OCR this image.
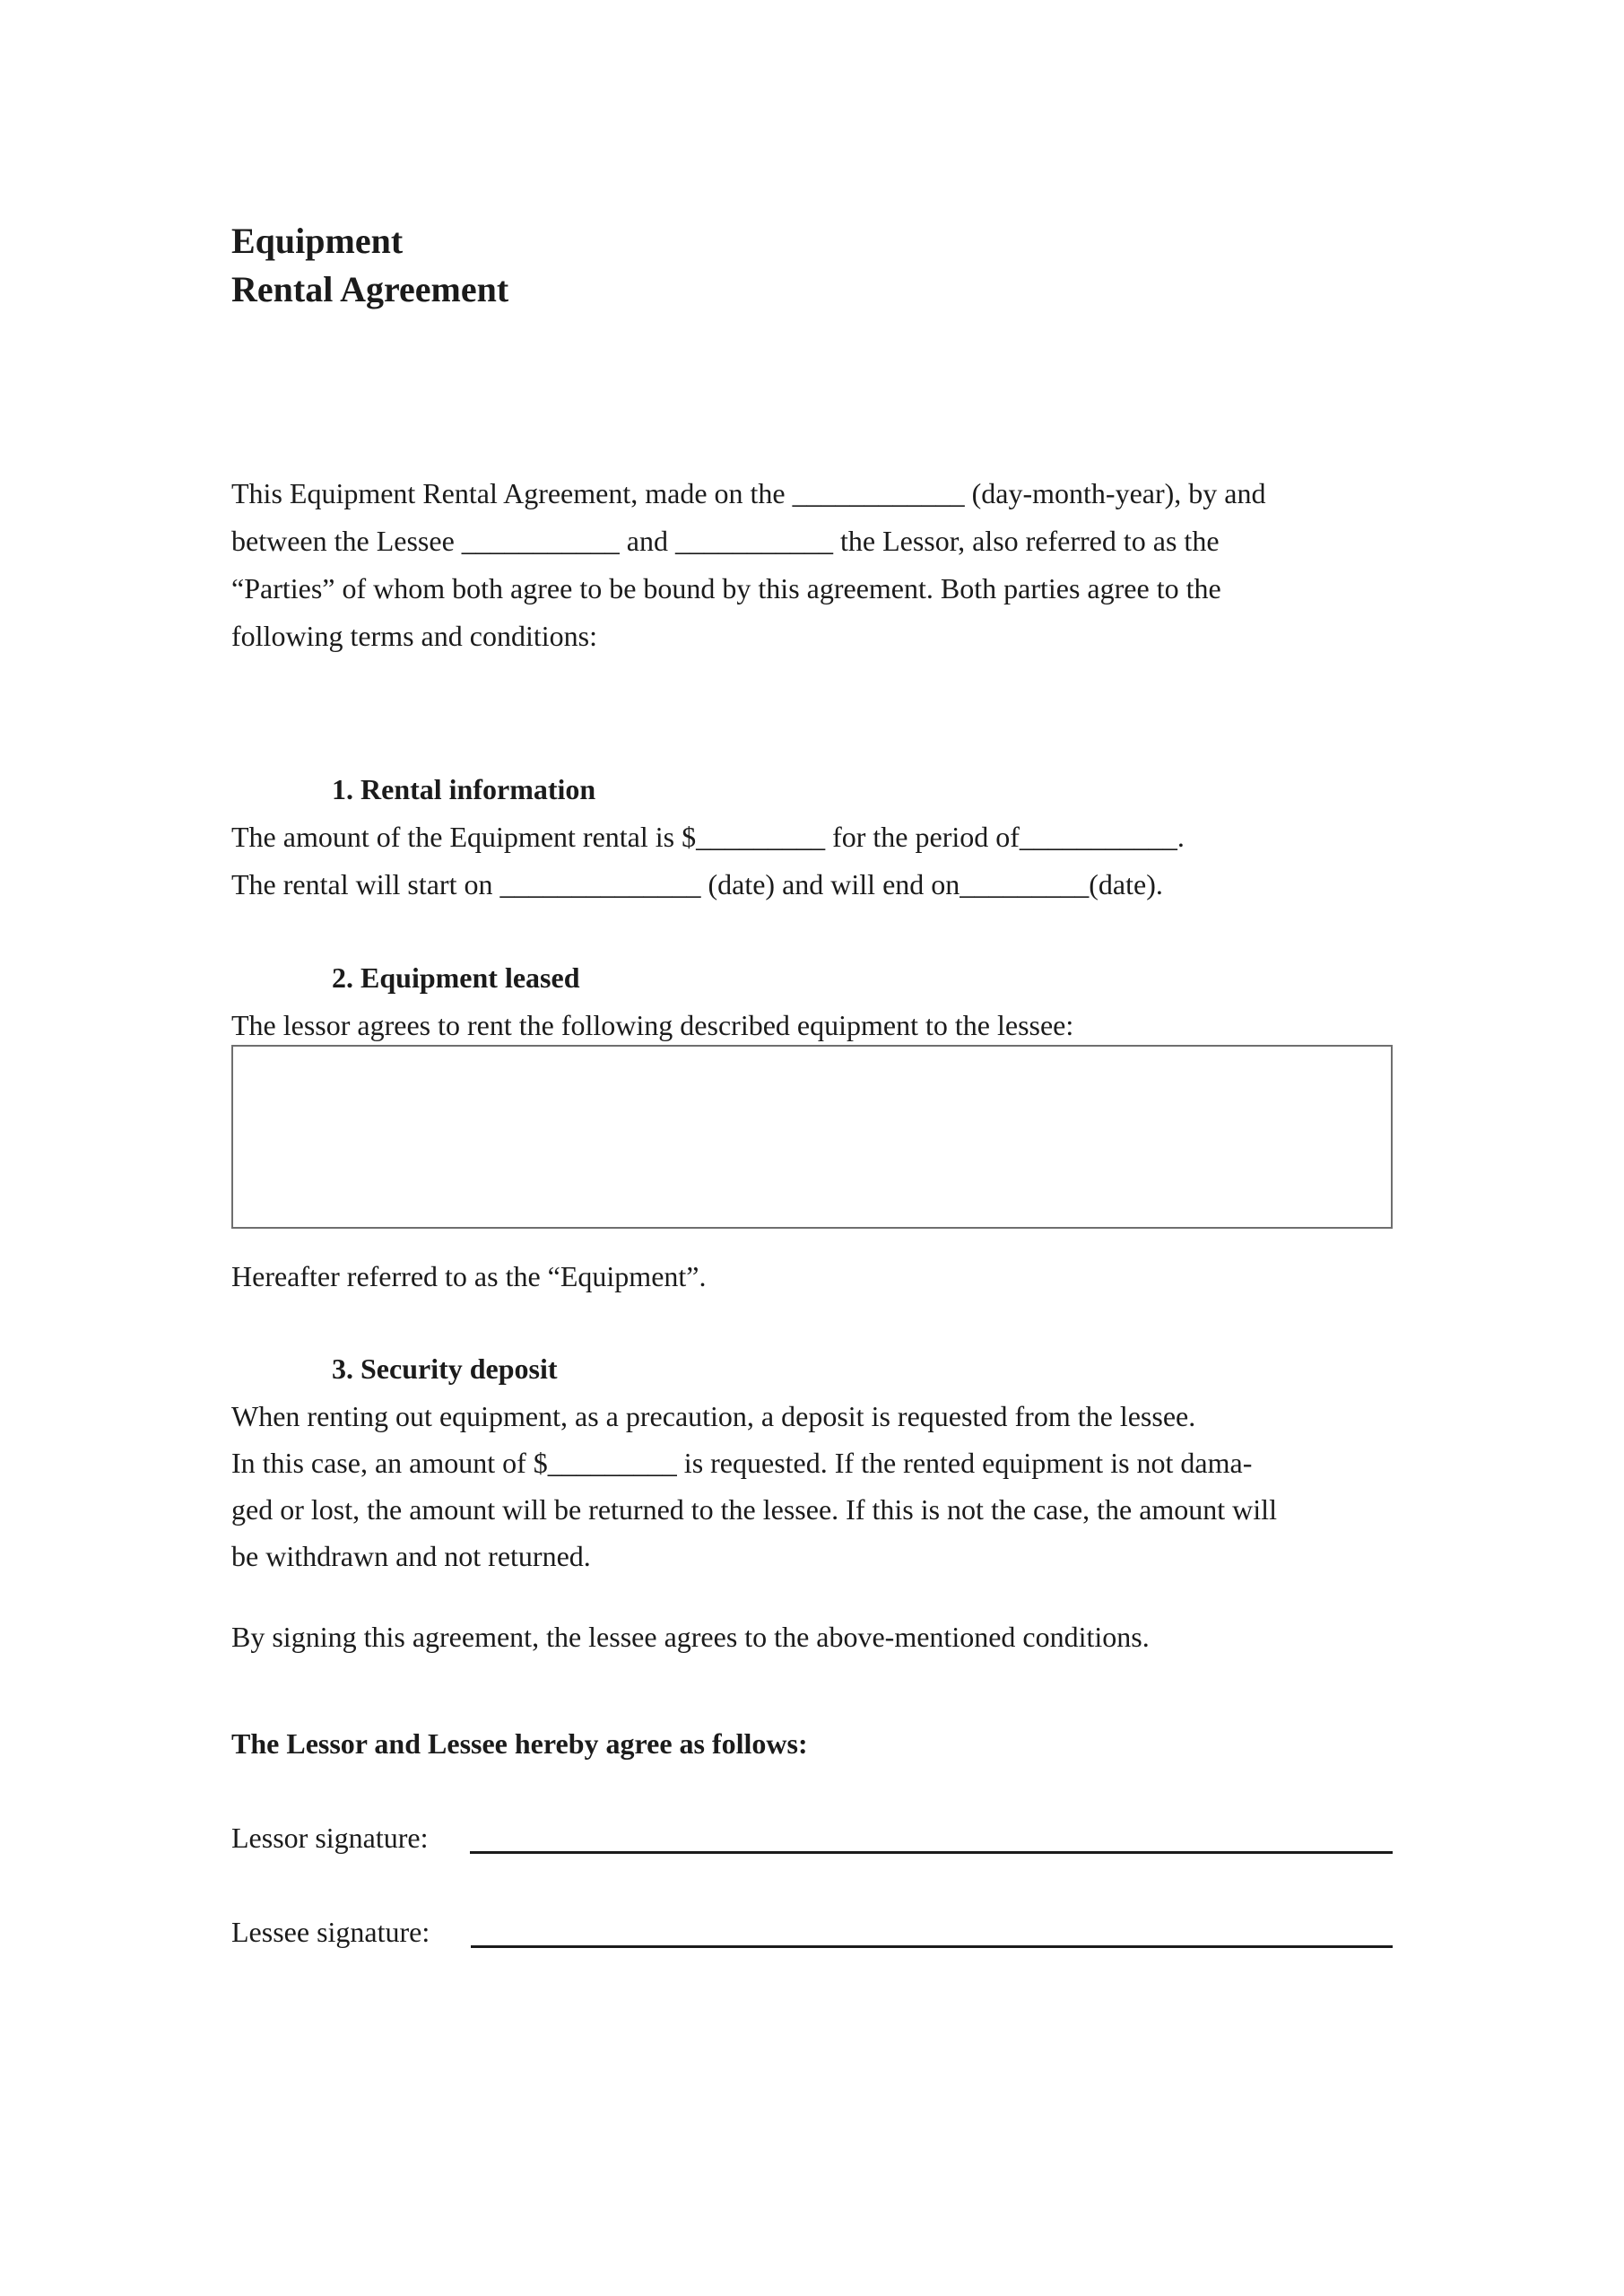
Equipment
Rental Agreement
This Equipment Rental Agreement, made on the ____________ (day-month-year), by and
between the Lessee ___________ and ___________ the Lessor, also referred to as the
“Parties” of whom both agree to be bound by this agreement. Both parties agree to the
following terms and conditions:
1. Rental information
The amount of the Equipment rental is $_________ for the period of___________.
The rental will start on ______________ (date) and will end on_________(date).
2. Equipment leased
The lessor agrees to rent the following described equipment to the lessee:
Hereafter referred to as the “Equipment”.
3. Security deposit
When renting out equipment, as a precaution, a deposit is requested from the lessee.
In this case, an amount of $_________ is requested. If the rented equipment is not dama-
ged or lost, the amount will be returned to the lessee. If this is not the case, the amount will
be withdrawn and not returned.
By signing this agreement, the lessee agrees to the above-mentioned conditions.
The Lessor and Lessee hereby agree as follows:
Lessor signature:
Lessee signature:
